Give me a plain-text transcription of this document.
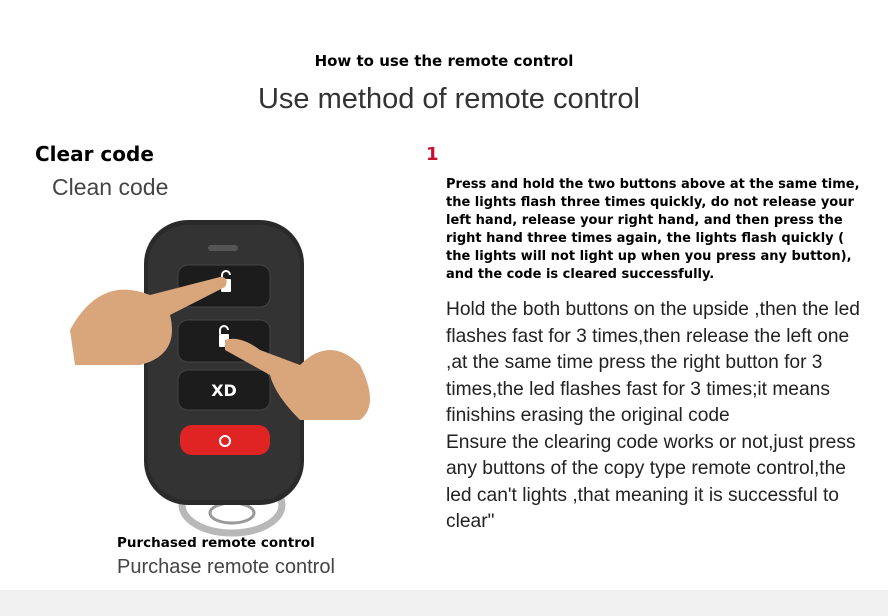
How to use the remote control
Use method of remote control
Clear code
Clean code
1
Press and hold the two buttons above at the same time, the lights flash three times quickly, do not release your left hand, release your right hand, and then press the right hand three times again, the lights flash quickly ( the lights will not light up when you press any button), and the code is cleared successfully.
Hold the both buttons on the upside ,then the led flashes fast for 3 times,then release the left one ,at the same time press the right button for 3 times,the led flashes fast for 3 times;it means finishins erasing the original code
Ensure the clearing code works or not,just press any buttons of the copy type remote control,the led can't lights ,that meaning it is successful to clear"
XD
Purchased remote control
Purchase remote control
